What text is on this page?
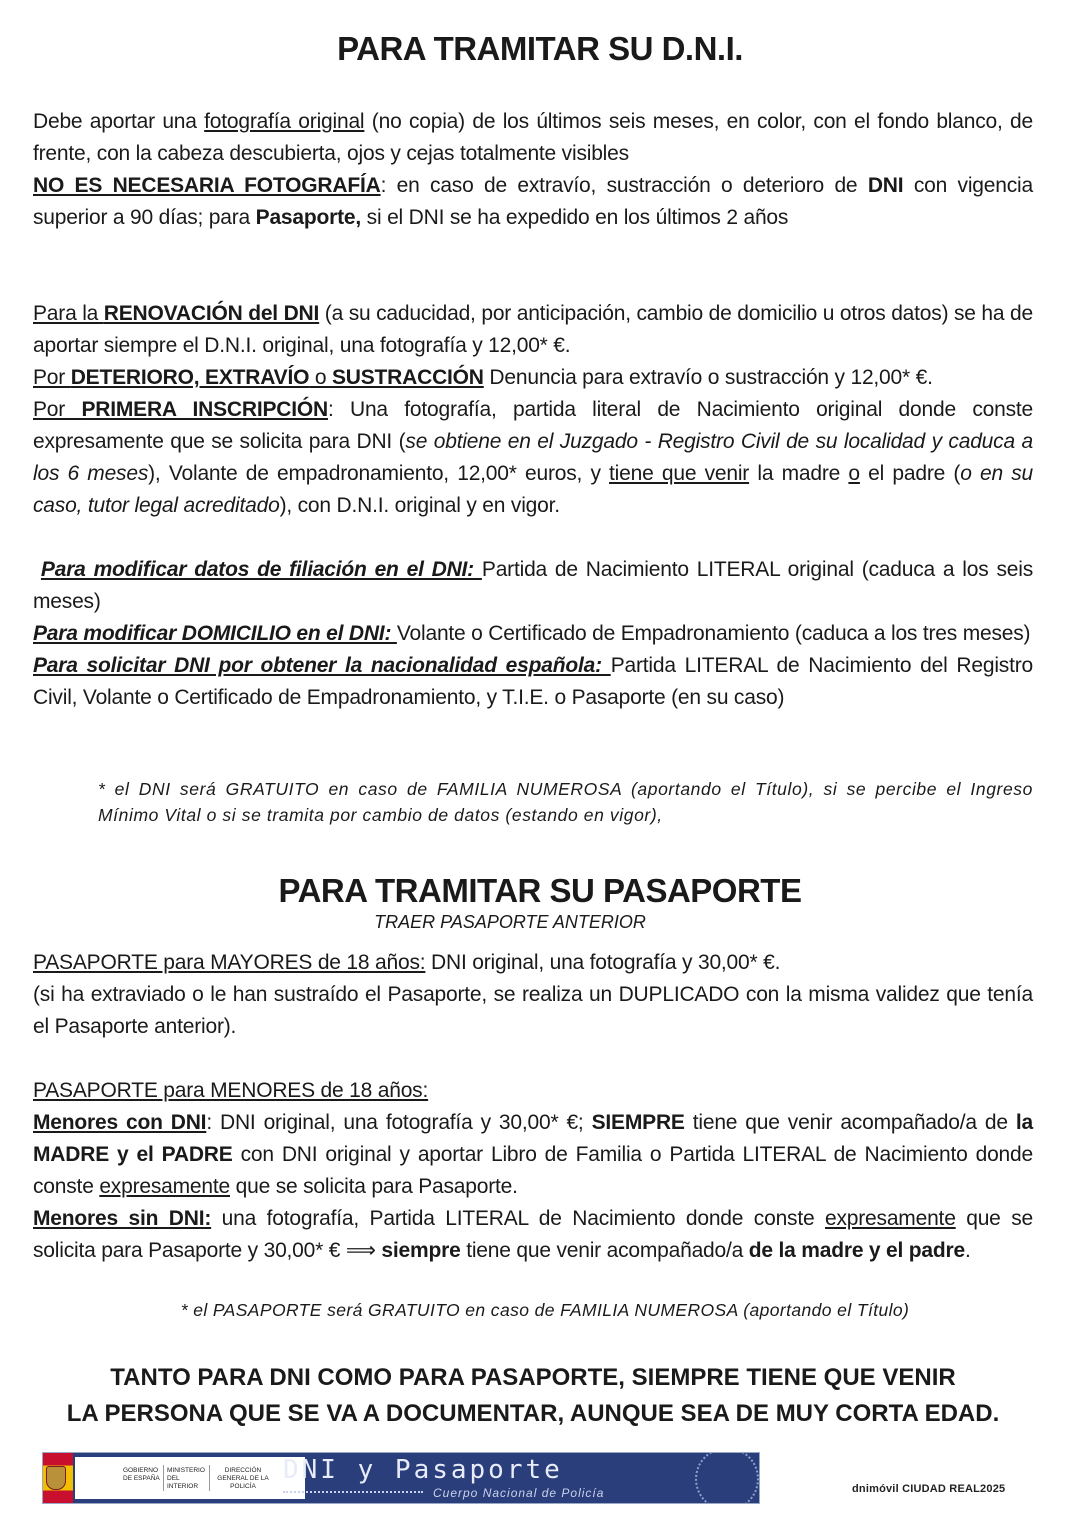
PARA TRAMITAR SU D.N.I.

Debe aportar una fotografía original (no copia) de los últimos seis meses, en color, con el fondo blanco, de frente, con la cabeza descubierta, ojos y cejas totalmente visibles

NO ES NECESARIA FOTOGRAFÍA: en caso de extravío, sustracción o deterioro de DNI con vigencia superior a 90 días; para Pasaporte, si el DNI se ha expedido en los últimos 2 años

Para la RENOVACIÓN del DNI (a su caducidad, por anticipación, cambio de domicilio u otros datos) se ha de aportar siempre el D.N.I. original, una fotografía y 12,00* €.

Por DETERIORO, EXTRAVÍO o SUSTRACCIÓN Denuncia para extravío o sustracción y 12,00* €.

Por PRIMERA INSCRIPCIÓN: Una fotografía, partida literal de Nacimiento original donde conste expresamente que se solicita para DNI (se obtiene en el Juzgado - Registro Civil de su localidad y caduca a los 6 meses), Volante de empadronamiento, 12,00* euros, y tiene que venir la madre o el padre (o en su caso, tutor legal acreditado), con D.N.I. original y en vigor.

Para modificar datos de filiación en el DNI: Partida de Nacimiento LITERAL original (caduca a los seis meses)

Para modificar DOMICILIO en el DNI: Volante o Certificado de Empadronamiento (caduca a los tres meses)

Para solicitar DNI por obtener la nacionalidad española: Partida LITERAL de Nacimiento del Registro Civil, Volante o Certificado de Empadronamiento, y T.I.E. o Pasaporte (en su caso)

* el DNI será GRATUITO en caso de FAMILIA NUMEROSA (aportando el Título), si se percibe el Ingreso Mínimo Vital o si se tramita por cambio de datos (estando en vigor),
PARA TRAMITAR SU PASAPORTE
TRAER PASAPORTE ANTERIOR

PASAPORTE para MAYORES de 18 años: DNI original, una fotografía y 30,00* €.

(si ha extraviado o le han sustraído el Pasaporte, se realiza un DUPLICADO con la misma validez que tenía el Pasaporte anterior).

PASAPORTE para MENORES de 18 años:

Menores con DNI: DNI original, una fotografía y 30,00* €; SIEMPRE tiene que venir acompañado/a de la MADRE y el PADRE con DNI original y aportar Libro de Familia o Partida LITERAL de Nacimiento donde conste expresamente que se solicita para Pasaporte.

Menores sin DNI: una fotografía, Partida LITERAL de Nacimiento donde conste expresamente que se solicita para Pasaporte y 30,00* € ⟹ siempre tiene que venir acompañado/a de la madre y el padre.

* el PASAPORTE será GRATUITO en caso de FAMILIA NUMEROSA (aportando el Título)
TANTO PARA DNI COMO PARA PASAPORTE, SIEMPRE TIENE QUE VENIR
LA PERSONA QUE SE VA A DOCUMENTAR, AUNQUE SEA DE MUY CORTA EDAD.
GOBIERNO DE ESPAÑA
MINISTERIO DEL INTERIOR
DIRECCIÓN GENERAL DE LA POLICÍA
DNI y Pasaporte
Cuerpo Nacional de Policía	dnimóvil CIUDAD REAL2025
